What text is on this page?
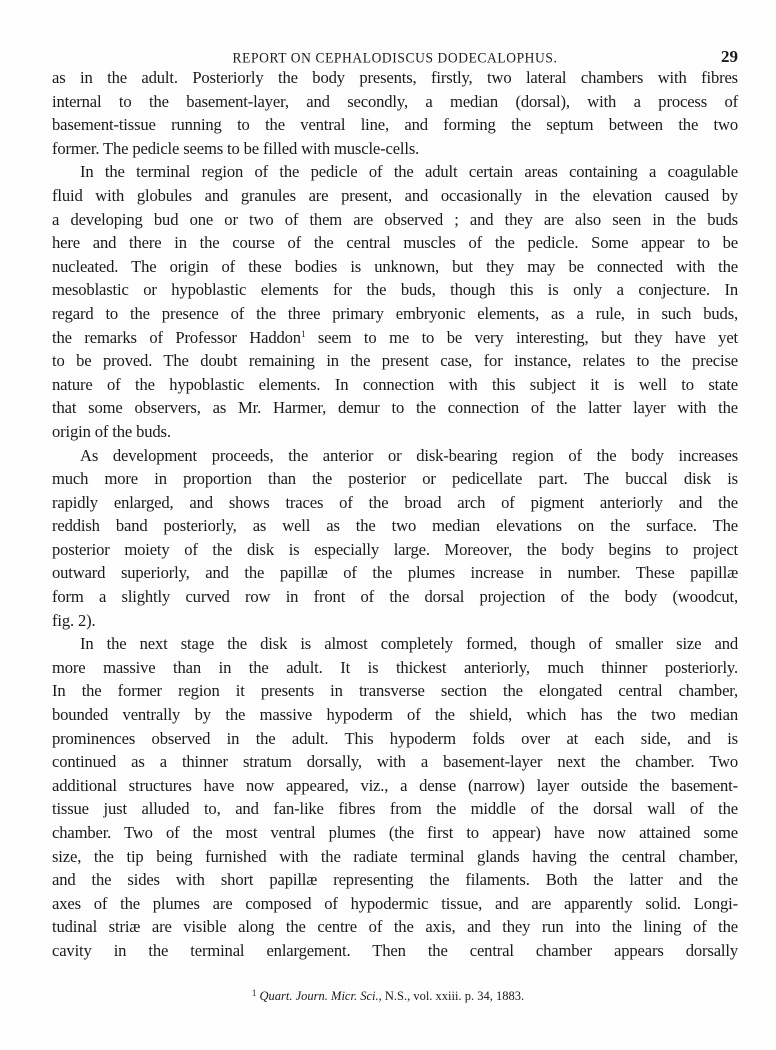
REPORT ON CEPHALODISCUS DODECALOPHUS.	29
as in the adult. Posteriorly the body presents, firstly, two lateral chambers with fibres
internal to the basement-layer, and secondly, a median (dorsal), with a process of
basement-tissue running to the ventral line, and forming the septum between the two
former. The pedicle seems to be filled with muscle-cells.
In the terminal region of the pedicle of the adult certain areas containing a coagulable
fluid with globules and granules are present, and occasionally in the elevation caused by
a developing bud one or two of them are observed ; and they are also seen in the buds
here and there in the course of the central muscles of the pedicle. Some appear to be
nucleated. The origin of these bodies is unknown, but they may be connected with the
mesoblastic or hypoblastic elements for the buds, though this is only a conjecture. In
regard to the presence of the three primary embryonic elements, as a rule, in such buds,
the remarks of Professor Haddon$^1$ seem to me to be very interesting, but they have yet
to be proved. The doubt remaining in the present case, for instance, relates to the precise
nature of the hypoblastic elements. In connection with this subject it is well to state
that some observers, as Mr. Harmer, demur to the connection of the latter layer with the
origin of the buds.
As development proceeds, the anterior or disk-bearing region of the body increases
much more in proportion than the posterior or pedicellate part. The buccal disk is
rapidly enlarged, and shows traces of the broad arch of pigment anteriorly and the
reddish band posteriorly, as well as the two median elevations on the surface. The
posterior moiety of the disk is especially large. Moreover, the body begins to project
outward superiorly, and the papillæ of the plumes increase in number. These papillæ
form a slightly curved row in front of the dorsal projection of the body (woodcut,
fig. 2).
In the next stage the disk is almost completely formed, though of smaller size and
more massive than in the adult. It is thickest anteriorly, much thinner posteriorly.
In the former region it presents in transverse section the elongated central chamber,
bounded ventrally by the massive hypoderm of the shield, which has the two median
prominences observed in the adult. This hypoderm folds over at each side, and is
continued as a thinner stratum dorsally, with a basement-layer next the chamber. Two
additional structures have now appeared, viz., a dense (narrow) layer outside the basement-
tissue just alluded to, and fan-like fibres from the middle of the dorsal wall of the
chamber. Two of the most ventral plumes (the first to appear) have now attained some
size, the tip being furnished with the radiate terminal glands having the central chamber,
and the sides with short papillæ representing the filaments. Both the latter and the
axes of the plumes are composed of hypodermic tissue, and are apparently solid. Longi-
tudinal striæ are visible along the centre of the axis, and they run into the lining of the
cavity in the terminal enlargement. Then the central chamber appears dorsally
$^1$ Quart. Journ. Micr. Sci., N.S., vol. xxiii. p. 34, 1883.
